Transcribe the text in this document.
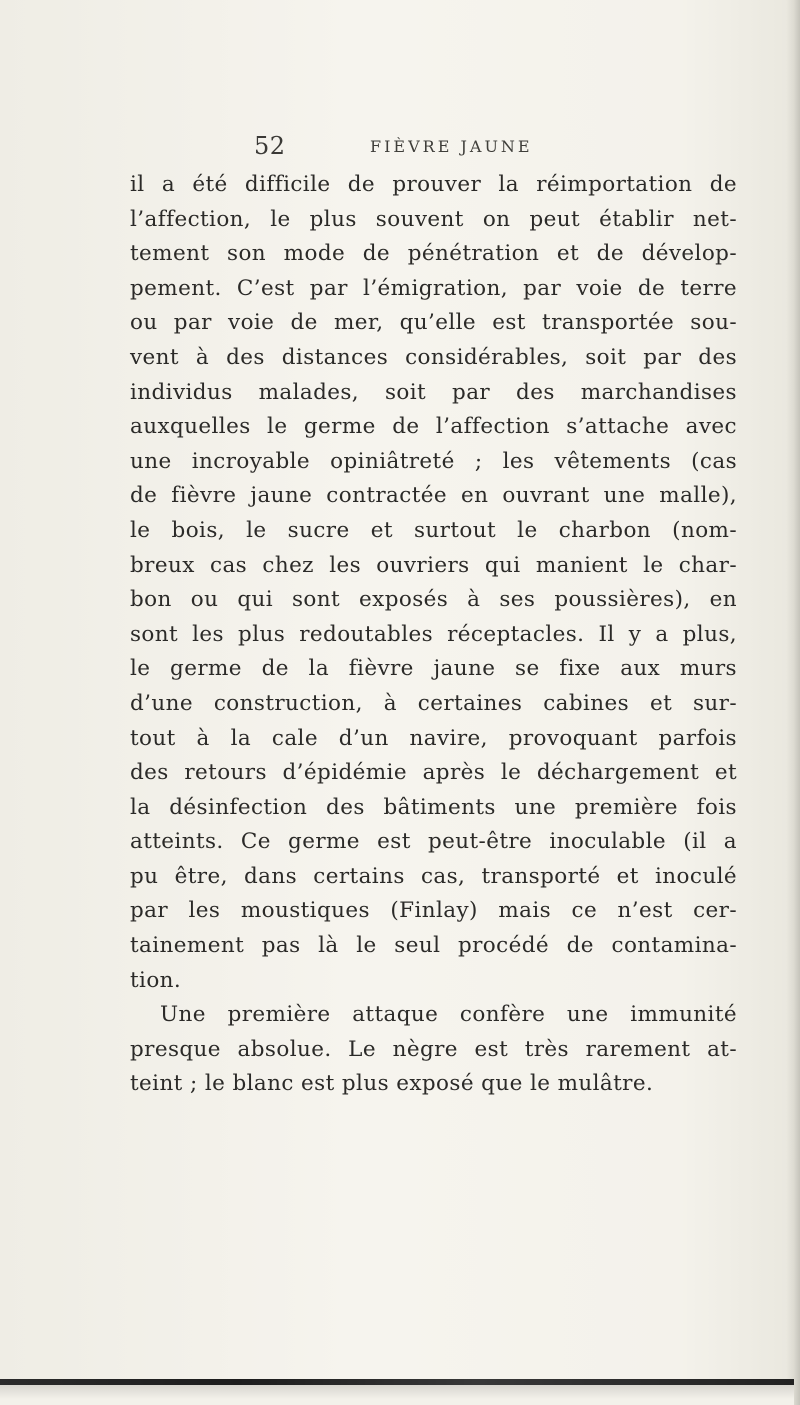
52	FIÈVRE JAUNE
il a été difficile de prouver la réimportation de
l’affection, le plus souvent on peut établir net-
tement son mode de pénétration et de dévelop-
pement. C’est par l’émigration, par voie de terre
ou par voie de mer, qu’elle est transportée sou-
vent à des distances considérables, soit par des
individus malades, soit par des marchandises
auxquelles le germe de l’affection s’attache avec
une incroyable opiniâtreté ; les vêtements (cas
de fièvre jaune contractée en ouvrant une malle),
le bois, le sucre et surtout le charbon (nom-
breux cas chez les ouvriers qui manient le char-
bon ou qui sont exposés à ses poussières), en
sont les plus redoutables réceptacles. Il y a plus,
le germe de la fièvre jaune se fixe aux murs
d’une construction, à certaines cabines et sur-
tout à la cale d’un navire, provoquant parfois
des retours d’épidémie après le déchargement et
la désinfection des bâtiments une première fois
atteints. Ce germe est peut-être inoculable (il a
pu être, dans certains cas, transporté et inoculé
par les moustiques (Finlay) mais ce n’est cer-
tainement pas là le seul procédé de contamina-
tion.
Une première attaque confère une immunité
presque absolue. Le nègre est très rarement at-
teint ; le blanc est plus exposé que le mulâtre.
